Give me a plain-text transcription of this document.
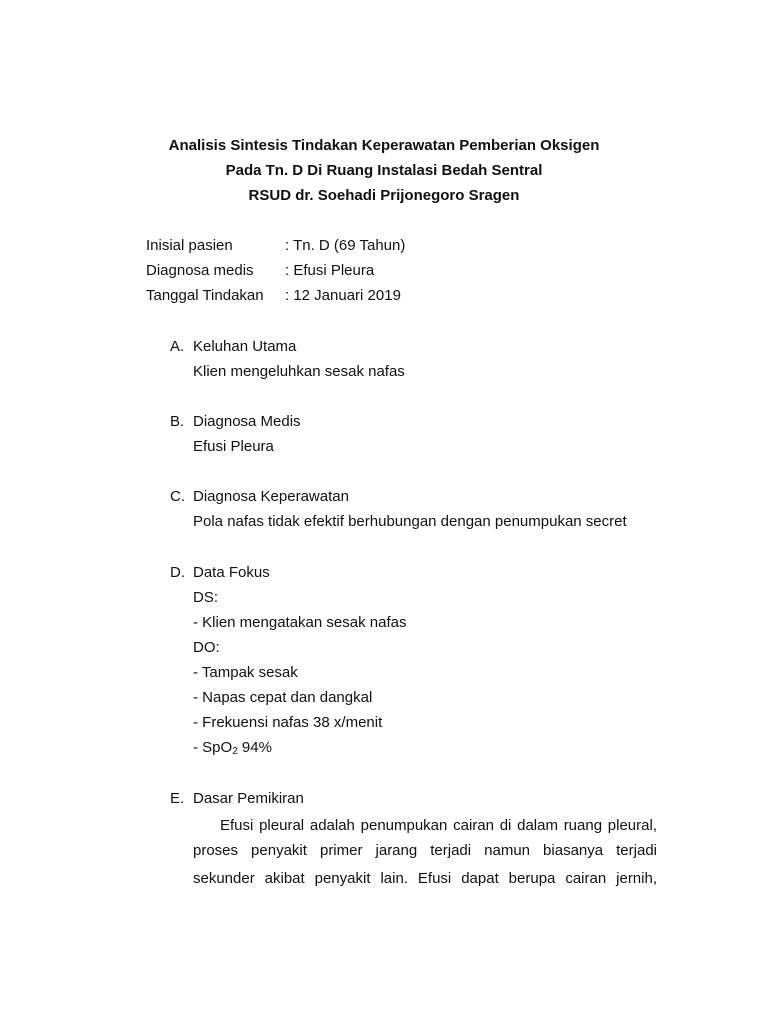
Analisis Sintesis Tindakan Keperawatan Pemberian Oksigen
Pada Tn. D Di Ruang Instalasi Bedah Sentral
RSUD dr. Soehadi Prijonegoro Sragen
Inisial pasien	: Tn. D (69 Tahun)
Diagnosa medis : Efusi Pleura
Tanggal Tindakan : 12 Januari 2019
A. Keluhan Utama
Klien mengeluhkan sesak nafas
B. Diagnosa Medis
Efusi Pleura
C. Diagnosa Keperawatan
Pola nafas tidak efektif berhubungan dengan penumpukan secret
D. Data Fokus
DS:
- Klien mengatakan sesak nafas
DO:
- Tampak sesak
- Napas cepat dan dangkal
- Frekuensi nafas 38 x/menit
- SpO$_2$ 94%
E. Dasar Pemikiran
Efusi pleural adalah penumpukan cairan di dalam ruang pleural,
proses penyakit primer jarang terjadi namun biasanya terjadi
sekunder akibat penyakit lain. Efusi dapat berupa cairan jernih,
